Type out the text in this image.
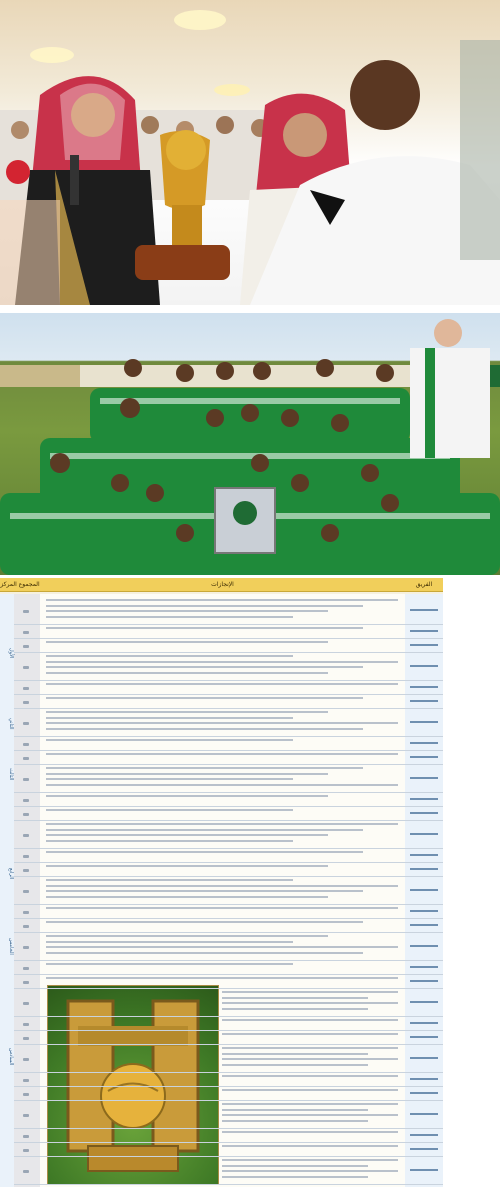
المجموع المركز	الإنجازات	الفريق
الأول
الثاني
الثالث
الرابع
الخامس
السادس
